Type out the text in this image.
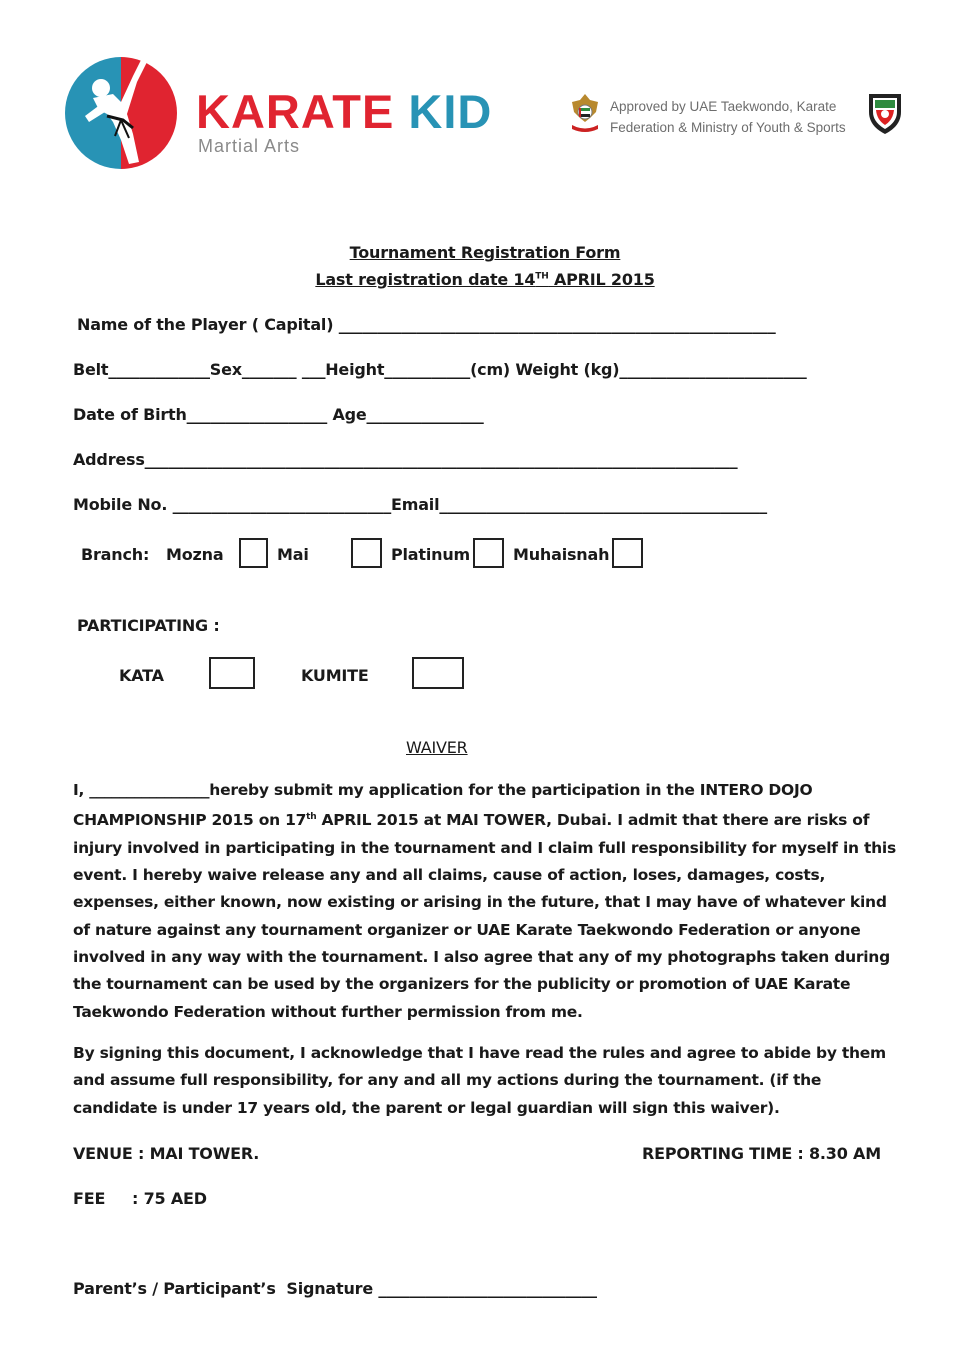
KARATE KID
Martial Arts
Approved by UAE Taekwondo, Karate
Federation & Ministry of Youth & Sports
Tournament Registration Form
Last registration date 14TH APRIL 2015
Name of the Player ( Capital) ________________________________________________________
Belt_____________Sex_______ ___Height___________(cm) Weight (kg)________________________
Date of Birth__________________ Age_______________
Address____________________________________________________________________________
Mobile No. ____________________________Email__________________________________________
Branch: Mozna	Mai	Platinum	Muhaisnah
PARTICIPATING :
KATA	KUMITE
WAIVER
I, ________________hereby submit my application for the participation in the INTERO DOJO CHAMPIONSHIP 2015 on 17th APRIL 2015 at MAI TOWER, Dubai. I admit that there are risks of injury involved in participating in the tournament and I claim full responsibility for myself in this event. I hereby waive release any and all claims, cause of action, loses, damages, costs, expenses, either known, now existing or arising in the future, that I may have of whatever kind of nature against any tournament organizer or UAE Karate Taekwondo Federation or anyone involved in any way with the tournament. I also agree that any of my photographs taken during the tournament can be used by the organizers for the publicity or promotion of UAE Karate Taekwondo Federation without further permission from me.
By signing this document, I acknowledge that I have read the rules and agree to abide by them and assume full responsibility, for any and all my actions during the tournament. (if the candidate is under 17 years old, the parent or legal guardian will sign this waiver).
VENUE : MAI TOWER.	REPORTING TIME : 8.30 AM
FEE     : 75 AED
Parent’s / Participant’s  Signature ____________________________
